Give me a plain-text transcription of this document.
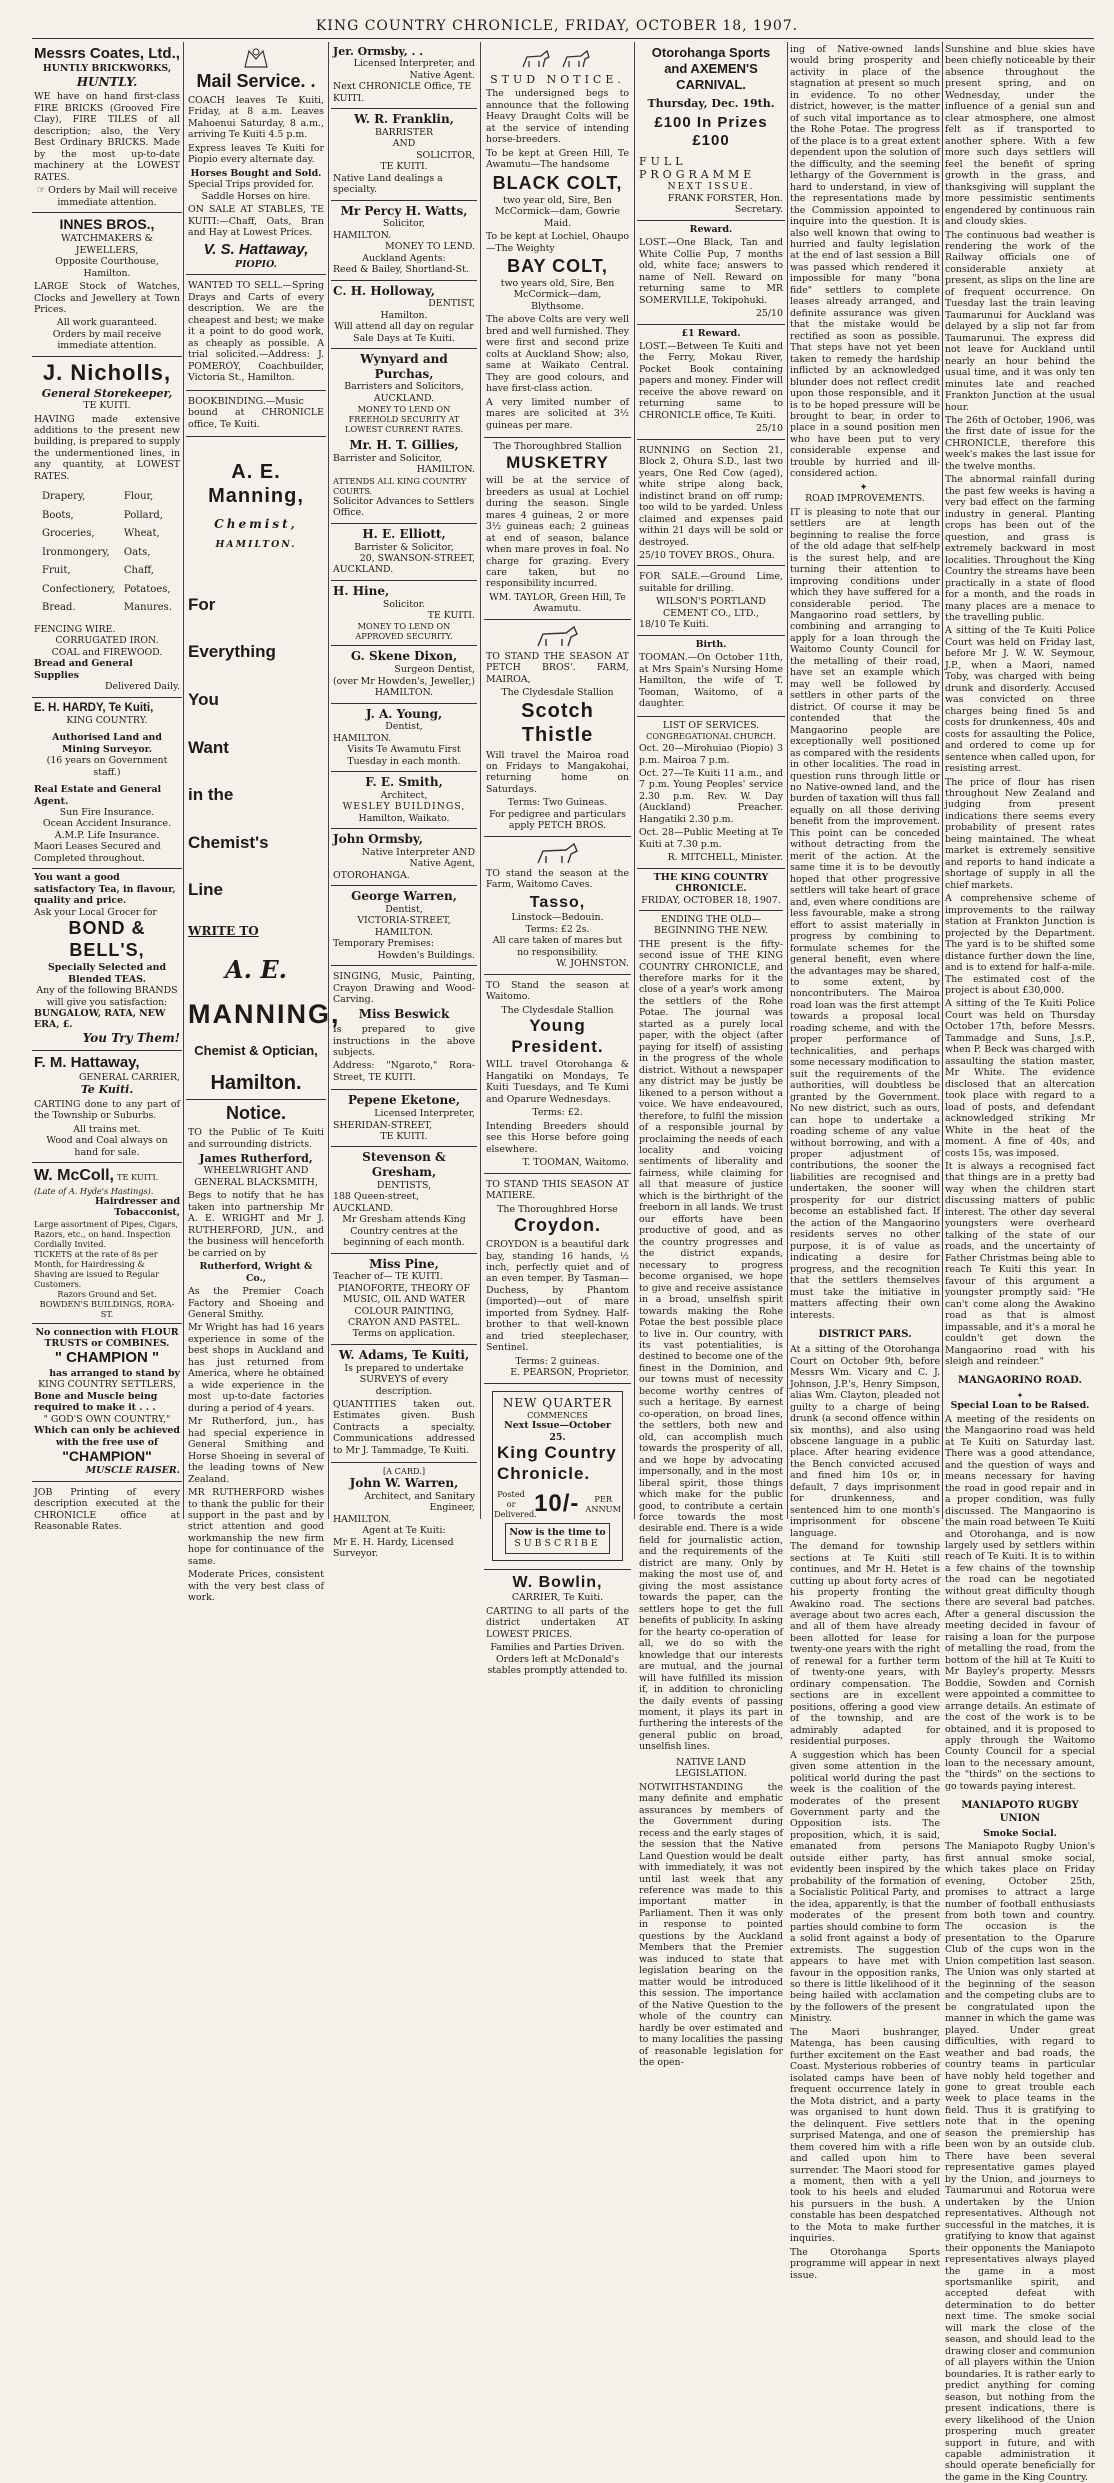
KING COUNTRY CHRONICLE, FRIDAY, OCTOBER 18, 1907.
Messrs Coates, Ltd.,
HUNTLY BRICKWORKS,
HUNTLY.
WE have on hand first-class FIRE BRICKS (Grooved Fire Clay), FIRE TILES of all description; also, the Very Best Ordinary BRICKS. Made by the most up-to-date machinery at the LOWEST RATES.
☞ Orders by Mail will receive immediate attention.
INNES BROS.,
WATCHMAKERS & JEWELLERS,
Opposite Courthouse, Hamilton.
LARGE Stock of Watches, Clocks and Jewellery at Town Prices.
All work guaranteed.
Orders by mail receive immediate attention.
J. Nicholls,
General Storekeeper,
TE KUITI.
HAVING made extensive additions to the present new building, is prepared to supply the undermentioned lines, in any quantity, at LOWEST RATES.
Drapery,
Boots,
Groceries,
Ironmongery,
Fruit,
Confectionery,
Bread.
Flour,
Pollard,
Wheat,
Oats,
Chaff,
Potatoes,
Manures.
FENCING WIRE.
CORRUGATED IRON.
COAL and FIREWOOD.
Bread and General Supplies
Delivered Daily.
E. H. HARDY, Te Kuiti,
KING COUNTRY.
Authorised Land and Mining Surveyor.
(16 years on Government staff.)
Real Estate and General Agent.
Sun Fire Insurance.
Ocean Accident Insurance.
A.M.P. Life Insurance.
Maori Leases Secured and Completed throughout.
You want a good satisfactory Tea, in flavour, quality and price.
Ask your Local Grocer for
BOND & BELL'S,
Specially Selected and Blended TEAS.
Any of the following BRANDS will give you satisfaction:
BUNGALOW, RATA, NEW ERA, £.
You Try Them!
F. M. Hattaway,
GENERAL CARRIER,
Te Kuiti.
CARTING done to any part of the Township or Suburbs.
All trains met.
Wood and Coal always on hand for sale.
W. McColl, TE KUITI.
(Late of A. Hyde's Hastings).
Hairdresser and Tobacconist,
Large assortment of Pipes, Cigars, Razors, etc., on hand. Inspection Cordially Invited.
TICKETS at the rate of 8s per Month, for Hairdressing & Shaving are issued to Regular Customers.
Razors Ground and Set.
BOWDEN'S BUILDINGS, RORA-ST.
No connection with FLOUR TRUSTS or COMBINES.
" CHAMPION "
has arranged to stand by
KING COUNTRY SETTLERS,
Bone and Muscle being required to make it . . .
" GOD'S OWN COUNTRY,"
Which can only be achieved with the free use of
"CHAMPION"
MUSCLE RAISER.
JOB Printing of every description executed at the CHRONICLE office at Reasonable Rates.
Mail Service. .
COACH leaves Te Kuiti, Friday, at 8 a.m. Leaves Mahoenui Saturday, 8 a.m., arriving Te Kuiti 4.5 p.m.
Express leaves Te Kuiti for Piopio every alternate day.
Horses Bought and Sold.
Special Trips provided for.
Saddle Horses on hire.
ON SALE AT STABLES, TE KUITI:—Chaff, Oats, Bran and Hay at Lowest Prices.
V. S. Hattaway,
PIOPIO.
WANTED TO SELL.—Spring Drays and Carts of every description. We are the cheapest and best; we make it a point to do good work, as cheaply as possible. A trial solicited.—Address: J. POMEROY, Coachbuilder, Victoria St., Hamilton.
BOOKBINDING.—Music bound at CHRONICLE office, Te Kuiti.
A. E. Manning,
Chemist,
HAMILTON.
For
Everything
You
Want
in the
Chemist's
Line
WRITE TO
A. E.
MANNING,
Chemist & Optician,
Hamilton.
Notice.
TO the Public of Te Kuiti and surrounding districts.
James Rutherford,
WHEELWRIGHT AND GENERAL BLACKSMITH,
Begs to notify that he has taken into partnership Mr A. E. WRIGHT and Mr J. RUTHERFORD, JUN., and the business will henceforth be carried on by
Rutherford, Wright & Co.,
As the Premier Coach Factory and Shoeing and General Smithy.
Mr Wright has had 16 years experience in some of the best shops in Auckland and has just returned from America, where he obtained a wide experience in the most up-to-date factories during a period of 4 years.
Mr Rutherford, jun., has had special experience in General Smithing and Horse Shoeing in several of the leading towns of New Zealand.
MR RUTHERFORD wishes to thank the public for their support in the past and by strict attention and good workmanship the new firm hope for continuance of the same.
Moderate Prices, consistent with the very best class of work.
Jer. Ormsby, . .
Licensed Interpreter, and Native Agent.
Next CHRONICLE Office, TE KUITI.
W. R. Franklin,
BARRISTER
AND
SOLICITOR,
TE KUITI.
Native Land dealings a specialty.
Mr Percy H. Watts,
Solicitor,
HAMILTON.
MONEY TO LEND.
Auckland Agents:
Reed & Bailey, Shortland-St.
C. H. Holloway,
DENTIST,
Hamilton.
Will attend all day on regular Sale Days at Te Kuiti.
Wynyard and Purchas,
Barristers and Solicitors, AUCKLAND.
MONEY TO LEND ON FREEHOLD SECURITY AT LOWEST CURRENT RATES.
Mr. H. T. Gillies,
Barrister and Solicitor,
HAMILTON.
ATTENDS ALL KING COUNTRY COURTS.
Solicitor Advances to Settlers Office.
H. E. Elliott,
Barrister & Solicitor,
20, SWANSON-STREET,
AUCKLAND.
H. Hine,
Solicitor.
TE KUITI.
MONEY TO LEND ON APPROVED SECURITY.
G. Skene Dixon,
Surgeon Dentist,
(over Mr Howden's, Jeweller,)
HAMILTON.
J. A. Young,
Dentist,
HAMILTON.
Visits Te Awamutu First Tuesday in each month.
F. E. Smith,
Architect,
WESLEY BUILDINGS,
Hamilton, Waikato.
John Ormsby,
Native Interpreter AND Native Agent,
OTOROHANGA.
George Warren,
Dentist,
VICTORIA-STREET, HAMILTON.
Temporary Premises:
Howden's Buildings.
SINGING, Music, Painting, Crayon Drawing and Wood-Carving.
Miss Beswick
Is prepared to give instructions in the above subjects.
Address: "Ngaroto," Rora-Street, TE KUITI.
Pepene Eketone,
Licensed Interpreter,
SHERIDAN-STREET,
TE KUITI.
Stevenson & Gresham,
DENTISTS,
188 Queen-street, AUCKLAND.
Mr Gresham attends King Country centres at the beginning of each month.
Miss Pine,
Teacher of— TE KUITI.
PIANOFORTE, THEORY OF MUSIC, OIL AND WATER COLOUR PAINTING, CRAYON AND PASTEL.
Terms on application.
W. Adams, Te Kuiti,
Is prepared to undertake SURVEYS of every description.
QUANTITIES taken out. Estimates given. Bush Contracts a specialty. Communications addressed to Mr J. Tammadge, Te Kuiti.
[A CARD.]
John W. Warren,
Architect, and Sanitary Engineer,
HAMILTON.
Agent at Te Kuiti:
Mr E. H. Hardy, Licensed Surveyor.
STUD NOTICE.
The undersigned begs to announce that the following Heavy Draught Colts will be at the service of intending horse-breeders.
To be kept at Green Hill, Te Awamutu—The handsome
BLACK COLT,
two year old, Sire, Ben McCormick—dam, Gowrie Maid.
To be kept at Lochiel, Ohaupo—The Weighty
BAY COLT,
two years old, Sire, Ben McCormick—dam, Blythsome.
The above Colts are very well bred and well furnished. They were first and second prize colts at Auckland Show; also, same at Waikato Central. They are good colours, and have first-class action.
A very limited number of mares are solicited at 3½ guineas per mare.
The Thoroughbred Stallion
MUSKETRY
will be at the service of breeders as usual at Lochiel during the season. Single mares 4 guineas, 2 or more 3½ guineas each; 2 guineas at end of season, balance when mare proves in foal. No charge for grazing. Every care taken, but no responsibility incurred.
WM. TAYLOR, Green Hill, Te Awamutu.
TO STAND THE SEASON AT PETCH BROS'. FARM, MAIROA,
The Clydesdale Stallion
Scotch Thistle
Will travel the Mairoa road on Fridays to Mangakohai, returning home on Saturdays.
Terms: Two Guineas.
For pedigree and particulars apply PETCH BROS.
TO stand the season at the Farm, Waitomo Caves.
Tasso,
Linstock—Bedouin.
Terms: £2 2s.
All care taken of mares but no responsibility.
W. JOHNSTON.
TO Stand the season at Waitomo.
The Clydesdale Stallion
Young President.
WILL travel Otorohanga & Hangatiki on Mondays, Te Kuiti Tuesdays, and Te Kumi and Oparure Wednesdays.
Terms: £2.
Intending Breeders should see this Horse before going elsewhere.
T. TOOMAN, Waitomo.
TO STAND THIS SEASON AT MATIERE.
The Thoroughbred Horse
Croydon.
CROYDON is a beautiful dark bay, standing 16 hands, ½ inch, perfectly quiet and of an even temper. By Tasman—Duchess, by Phantom (imported)—out of mare imported from Sydney. Half-brother to that well-known and tried steeplechaser, Sentinel.
Terms: 2 guineas.
E. PEARSON, Proprietor.
NEW QUARTER
COMMENCES
Next Issue—October 25.
King Country
Chronicle.
Posted or Delivered.
10/-	PER ANNUM
Now is the time to
SUBSCRIBE
W. Bowlin,
CARRIER, Te Kuiti.
CARTING to all parts of the district undertaken AT LOWEST PRICES.
Families and Parties Driven.
Orders left at McDonald's stables promptly attended to.
Otorohanga Sports and AXEMEN'S CARNIVAL.
Thursday, Dec. 19th.
£100 In Prizes £100
FULL PROGRAMME
NEXT ISSUE.
FRANK FORSTER, Hon. Secretary.
Reward.
LOST.—One Black, Tan and White Collie Pup, 7 months old, white face; answers to name of Nell. Reward on returning same to MR SOMERVILLE, Tokipohuki.
25/10
£1 Reward.
LOST.—Between Te Kuiti and the Ferry, Mokau River, Pocket Book containing papers and money. Finder will receive the above reward on returning same to CHRONICLE office, Te Kuiti.
25/10
RUNNING on Section 21, Block 2, Ohura S.D., last two years, One Red Cow (aged), white stripe along back, indistinct brand on off rump; too wild to be yarded. Unless claimed and expenses paid within 21 days will be sold or destroyed.
25/10 TOVEY BROS., Ohura.
FOR SALE.—Ground Lime, suitable for drilling.
WILSON'S PORTLAND CEMENT CO., LTD.,
18/10 Te Kuiti.
Birth.
TOOMAN.—On October 11th, at Mrs Spain's Nursing Home Hamilton, the wife of T. Tooman, Waitomo, of a daughter.
LIST OF SERVICES.
CONGREGATIONAL CHURCH.
Oct. 20—Mirohuiao (Piopio) 3 p.m. Mairoa 7 p.m.
Oct. 27—Te Kuiti 11 a.m., and 7 p.m. Young Peoples' service 2.30 p.m. Rev. W. Day (Auckland) Preacher. Hangatiki 2.30 p.m.
Oct. 28—Public Meeting at Te Kuiti at 7.30 p.m.
R. MITCHELL, Minister.
THE KING COUNTRY CHRONICLE.
FRIDAY, OCTOBER 18, 1907.
ENDING THE OLD—BEGINNING THE NEW.
THE present is the fifty-second issue of THE KING COUNTRY CHRONICLE, and therefore marks for it the close of a year's work among the settlers of the Rohe Potae. The journal was started as a purely local paper, with the object (after paying for itself) of assisting in the progress of the whole district. Without a newspaper any district may be justly be likened to a person without a voice. We have endeavoured, therefore, to fulfil the mission of a responsible journal by proclaiming the needs of each locality and voicing sentiments of liberality and fairness, while claiming for all that measure of justice which is the birthright of the freeborn in all lands. We trust our efforts have been productive of good, and as the country progresses and the district expands, necessary to progress become organised, we hope to give and receive assistance in a broad, unselfish spirit towards making the Rohe Potae the best possible place to live in. Our country, with its vast potentialities, is destined to become one of the finest in the Dominion, and our towns must of necessity become worthy centres of such a heritage. By earnest co-operation, on broad lines, the settlers, both new and old, can accomplish much towards the prosperity of all, and we hope by advocating impersonally, and in the most liberal spirit, those things which make for the public good, to contribute a certain force towards the most desirable end. There is a wide field for journalistic action, and the requirements of the district are many. Only by making the most use of, and giving the most assistance towards the paper, can the settlers hope to get the full benefits of publicity. In asking for the hearty co-operation of all, we do so with the knowledge that our interests are mutual, and the journal will have fulfilled its mission if, in addition to chronicling the daily events of passing moment, it plays its part in furthering the interests of the general public on broad, unselfish lines.
NATIVE LAND LEGISLATION.
NOTWITHSTANDING the many definite and emphatic assurances by members of the Government during recess and the early stages of the session that the Native Land Question would be dealt with immediately, it was not until last week that any reference was made to this important matter in Parliament. Then it was only in response to pointed questions by the Auckland Members that the Premier was induced to state that legislation bearing on the matter would be introduced this session. The importance of the Native Question to the whole of the country can hardly be over estimated and to many localities the passing of reasonable legislation for the open-
ing of Native-owned lands would bring prosperity and activity in place of the stagnation at present so much in evidence. To no other district, however, is the matter of such vital importance as to the Rohe Potae. The progress of the place is to a great extent dependent upon the solution of the difficulty, and the seeming lethargy of the Government is hard to understand, in view of the representations made by the Commission appointed to inquire into the question. It is also well known that owing to hurried and faulty legislation at the end of last session a Bill was passed which rendered it impossible for many "bona fide" settlers to complete leases already arranged, and definite assurance was given that the mistake would be rectified as soon as possible. That steps have not yet been taken to remedy the hardship inflicted by an acknowledged blunder does not reflect credit upon those responsible, and it is to be hoped pressure will be brought to bear, in order to place in a sound position men who have been put to very considerable expense and trouble by hurried and ill-considered action.
✦
ROAD IMPROVEMENTS.
IT is pleasing to note that our settlers are at length beginning to realise the force of the old adage that self-help is the surest help, and are turning their attention to improving conditions under which they have suffered for a considerable period. The Mangaorino road settlers, by combining and arranging to apply for a loan through the Waitomo County Council for the metalling of their road, have set an example which may well be followed by settlers in other parts of the district. Of course it may be contended that the Mangaorino people are exceptionally well positioned as compared with the residents in other localities. The road in question runs through little or no Native-owned land, and the burden of taxation will thus fall equally on all those deriving benefit from the improvement. This point can be conceded without detracting from the merit of the action. At the same time it is to be devoutly hoped that other progressive settlers will take heart of grace and, even where conditions are less favourable, make a strong effort to assist materially in progress by combining to formulate schemes for the general benefit, even where the advantages may be shared, to some extent, by noncontributers. The Mairoa road loan was the first attempt towards a proposal local roading scheme, and with the proper performance of technicalities, and perhaps some necessary modification to suit the requirements of the authorities, will doubtless be granted by the Government. No new district, such as ours, can hope to undertake a roading scheme of any value without borrowing, and with a proper adjustment of contributions, the sooner the liabilities are recognised and undertaken, the sooner will prosperity for our district become an established fact. If the action of the Mangaorino residents serves no other purpose, it is of value as indicating a desire for progress, and the recognition that the settlers themselves must take the initiative in matters affecting their own interests.
DISTRICT PARS.
At a sitting of the Otorohanga Court on October 9th, before Messrs Wm. Vicary and C. J. Johnson, J.P.'s, Henry Simpson, alias Wm. Clayton, pleaded not guilty to a charge of being drunk (a second offence within six months), and also using obscene language in a public place. After hearing evidence the Bench convicted accused and fined him 10s or, in default, 7 days imprisonment for drunkenness, and sentenced him to one month's imprisonment for obscene language.
The demand for township sections at Te Kuiti still continues, and Mr H. Hetet is cutting up about forty acres of his property fronting the Awakino road. The sections average about two acres each, and all of them have already been allotted for lease for twenty-one years with the right of renewal for a further term of twenty-one years, with ordinary compensation. The sections are in excellent positions, offering a good view of the township, and are admirably adapted for residential purposes.
A suggestion which has been given some attention in the political world during the past week is the coalition of the moderates of the present Government party and the Opposition ists. The proposition, which, it is said, emanated from persons outside either party, has evidently been inspired by the probability of the formation of a Socialistic Political Party, and the idea, apparently, is that the moderates of the present parties should combine to form a solid front against a body of extremists. The suggestion appears to have met with favour in the opposition ranks, so there is little likelihood of it being hailed with acclamation by the followers of the present Ministry.
The Maori bushranger, Matenga, has been causing further excitement on the East Coast. Mysterious robberies of isolated camps have been of frequent occurrence lately in the Mota district, and a party was organised to hunt down the delinquent. Five settlers surprised Matenga, and one of them covered him with a rifle and called upon him to surrender. The Maori stood for a moment, then with a yell took to his heels and eluded his pursuers in the bush. A constable has been despatched to the Mota to make further inquiries.
The Otorohanga Sports programme will appear in next issue.
Sunshine and blue skies have been chiefly noticeable by their absence throughout the present spring, and on Wednesday, under the influence of a genial sun and clear atmosphere, one almost felt as if transported to another sphere. With a few more such days settlers will feel the benefit of spring growth in the grass, and thanksgiving will supplant the more pessimistic sentiments engendered by continuous rain and cloudy skies.
The continuous bad weather is rendering the work of the Railway officials one of considerable anxiety at present, as slips on the line are of frequent occurrence. On Tuesday last the train leaving Taumarunui for Auckland was delayed by a slip not far from Taumarunui. The express did not leave for Auckland until nearly an hour behind the usual time, and it was only ten minutes late and reached Frankton Junction at the usual hour.
The 26th of October, 1906, was the first date of issue for the CHRONICLE, therefore this week's makes the last issue for the twelve months.
The abnormal rainfall during the past few weeks is having a very bad effect on the farming industry in general. Planting crops has been out of the question, and grass is extremely backward in most localities. Throughout the King Country the streams have been practically in a state of flood for a month, and the roads in many places are a menace to the travelling public.
A sitting of the Te Kuiti Police Court was held on Friday last, before Mr J. W. W. Seymour, J.P., when a Maori, named Toby, was charged with being drunk and disorderly. Accused was convicted on three charges being fined 5s and costs for drunkenness, 40s and costs for assaulting the Police, and ordered to come up for sentence when called upon, for resisting arrest.
The price of flour has risen throughout New Zealand and judging from present indications there seems every probability of present rates being maintained. The wheat market is extremely sensitive and reports to hand indicate a shortage of supply in all the chief markets.
A comprehensive scheme of improvements to the railway station at Frankton Junction is projected by the Department. The yard is to be shifted some distance further down the line, and is to extend for half-a-mile. The estimated cost of the project is about £30,000.
A sitting of the Te Kuiti Police Court was held on Thursday October 17th, before Messrs. Tammadge and Suns, J.s.P., when P. Beck was charged with assaulting the station master, Mr White. The evidence disclosed that an altercation took place with regard to a load of posts, and defendant acknowledged striking Mr White in the heat of the moment. A fine of 40s, and costs 15s, was imposed.
It is always a recognised fact that things are in a pretty bad way when the children start discussing matters of public interest. The other day several youngsters were overheard talking of the state of our roads, and the uncertainty of Father Christmas being able to reach Te Kuiti this year. In favour of this argument a youngster promptly said: "He can't come along the Awakino road as that is almost impassable, and it's a moral he couldn't get down the Mangaorino road with his sleigh and reindeer."
MANGAORINO ROAD.
✦
Special Loan to be Raised.
A meeting of the residents on the Mangaorino road was held at Te Kuiti on Saturday last. There was a good attendance, and the question of ways and means necessary for having the road in good repair and in a proper condition, was fully discussed. The Mangaorino is the main road between Te Kuiti and Otorohanga, and is now largely used by settlers within reach of Te Kuiti. It is to within a few chains of the township the road can be negotiated without great difficulty though there are several bad patches. After a general discussion the meeting decided in favour of raising a loan for the purpose of metalling the road, from the bottom of the hill at Te Kuiti to Mr Bayley's property. Messrs Boddie, Sowden and Cornish were appointed a committee to arrange details. An estimate of the cost of the work is to be obtained, and it is proposed to apply through the Waitomo County Council for a special loan to the necessary amount, the "thirds" on the sections to go towards paying interest.
MANIAPOTO RUGBY UNION
Smoke Social.
The Maniapoto Rugby Union's first annual smoke social, which takes place on Friday evening, October 25th, promises to attract a large number of football enthusiasts from both town and country. The occasion is the presentation to the Oparure Club of the cups won in the Union competition last season. The Union was only started at the beginning of the season and the competing clubs are to be congratulated upon the manner in which the game was played. Under great difficulties, with regard to weather and bad roads, the country teams in particular have nobly held together and gone to great trouble each week to place teams in the field. Thus it is gratifying to note that in the opening season the premiership has been won by an outside club. There have been several representative games played by the Union, and journeys to Taumarunui and Rotorua were undertaken by the Union representatives. Although not successful in the matches, it is gratifying to know that against their opponents the Maniapoto representatives always played the game in a most sportsmanlike spirit, and accepted defeat with determination to do better next time. The smoke social will mark the close of the season, and should lead to the drawing closer and communion of all players within the Union boundaries. It is rather early to predict anything for coming season, but nothing from the present indications, there is every likelihood of the Union prospering much greater support in future, and with capable administration it should operate beneficially for the game in the King Country.
